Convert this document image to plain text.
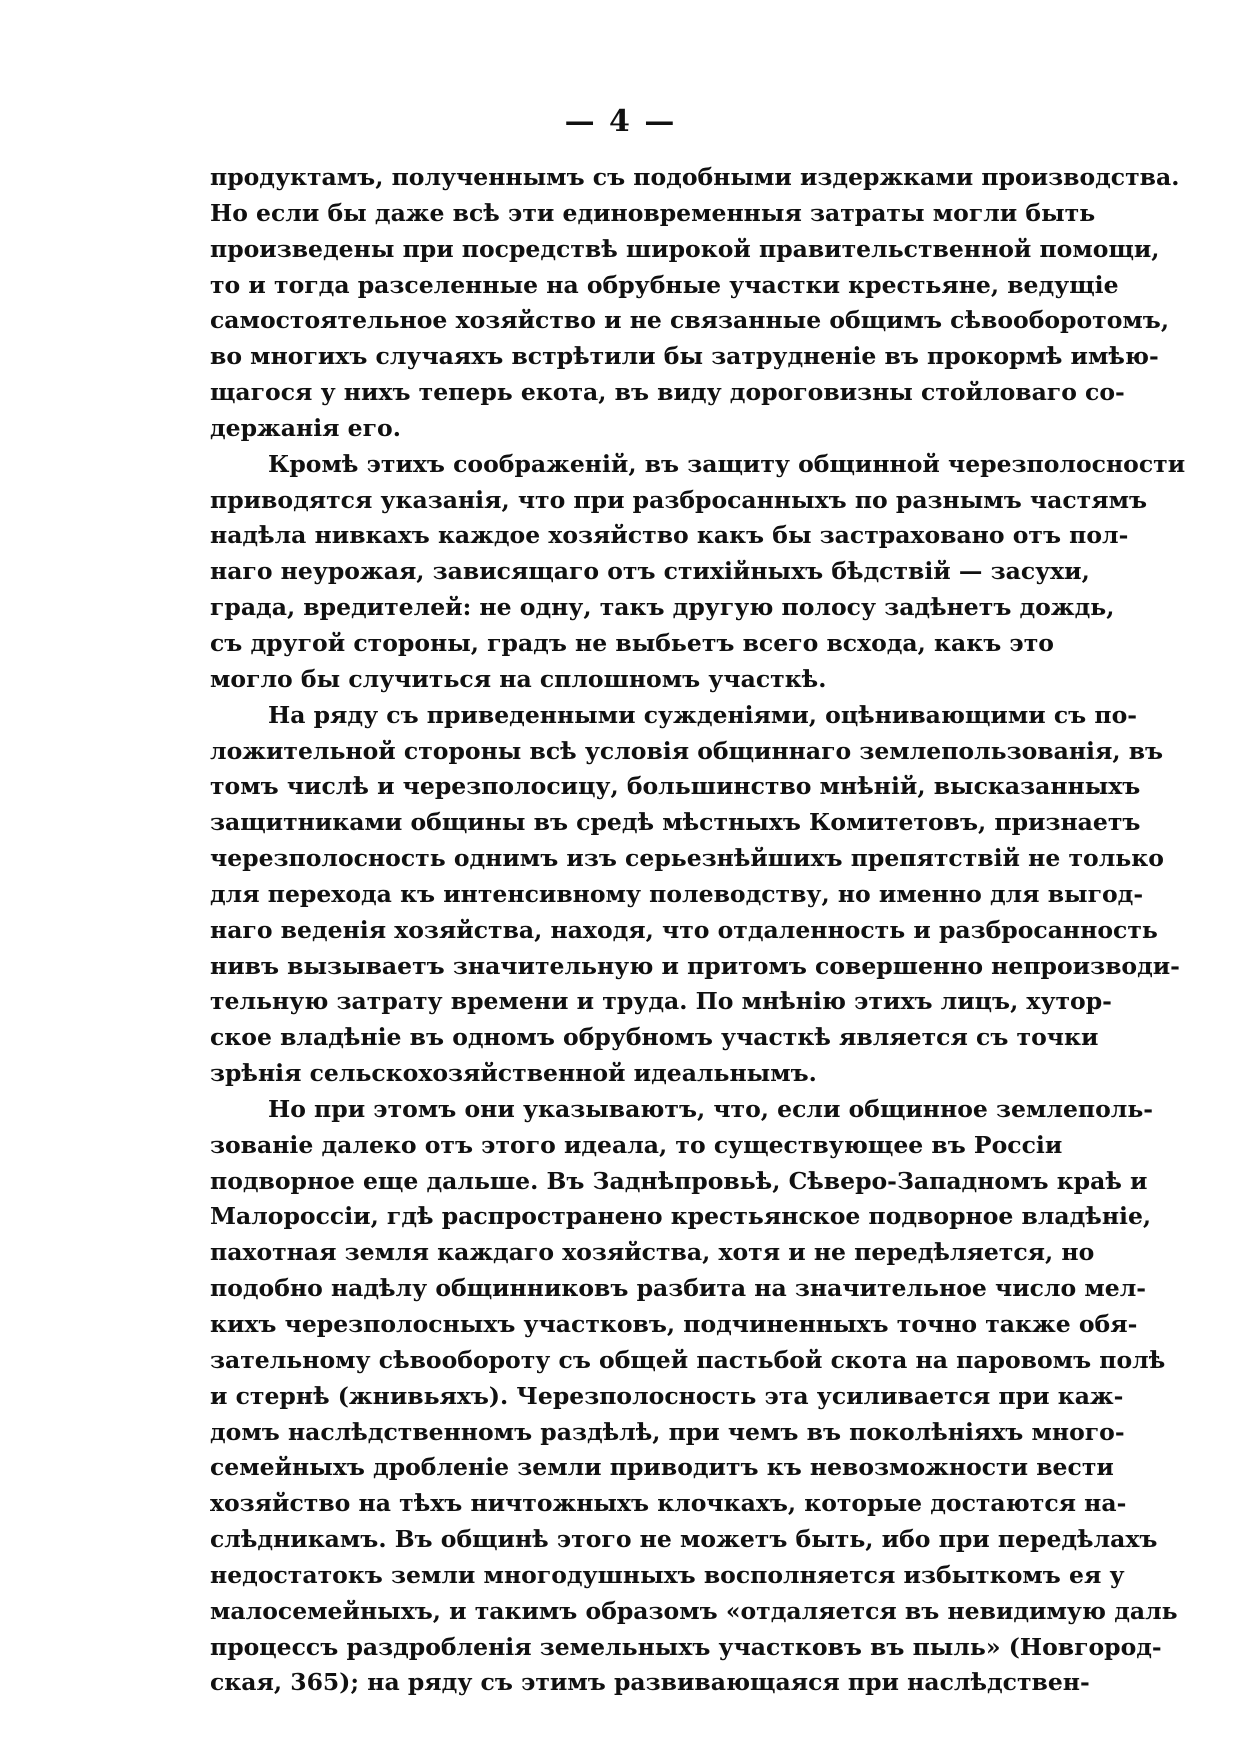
— 4 —
продуктамъ, полученнымъ съ подобными издержками производства.
Но если бы даже всѣ эти единовременныя затраты могли быть
произведены при посредствѣ широкой правительственной помощи,
то и тогда разселенные на обрубные участки крестьяне, ведущіе
самостоятельное хозяйство и не связанные общимъ сѣвооборотомъ,
во многихъ случаяхъ встрѣтили бы затрудненіе въ прокормѣ имѣю-
щагося у нихъ теперь екота, въ виду дороговизны стойловаго со-
держанія его.
Кромѣ этихъ соображеній, въ защиту общинной черезполосности
приводятся указанія, что при разбросанныхъ по разнымъ частямъ
надѣла нивкахъ каждое хозяйство какъ бы застраховано отъ пол-
наго неурожая, зависящаго отъ стихійныхъ бѣдствій — засухи,
града, вредителей: не одну, такъ другую полосу задѣнетъ дождь,
съ другой стороны, градъ не выбьетъ всего всхода, какъ это
могло бы случиться на сплошномъ участкѣ.
На ряду съ приведенными сужденіями, оцѣнивающими съ по-
ложительной стороны всѣ условія общиннаго землепользованія, въ
томъ числѣ и черезполосицу, большинство мнѣній, высказанныхъ
защитниками общины въ средѣ мѣстныхъ Комитетовъ, признаетъ
черезполосность однимъ изъ серьезнѣйшихъ препятствій не только
для перехода къ интенсивному полеводству, но именно для выгод-
наго веденія хозяйства, находя, что отдаленность и разбросанность
нивъ вызываетъ значительную и притомъ совершенно непроизводи-
тельную затрату времени и труда. По мнѣнію этихъ лицъ, хутор-
ское владѣніе въ одномъ обрубномъ участкѣ является съ точки
зрѣнія сельскохозяйственной идеальнымъ.
Но при этомъ они указываютъ, что, если общинное землеполь-
зованіе далеко отъ этого идеала, то существующее въ Россіи
подворное еще дальше. Въ Заднѣпровьѣ, Сѣверо-Западномъ краѣ и
Малороссіи, гдѣ распространено крестьянское подворное владѣніе,
пахотная земля каждаго хозяйства, хотя и не передѣляется, но
подобно надѣлу общинниковъ разбита на значительное число мел-
кихъ черезполосныхъ участковъ, подчиненныхъ точно также обя-
зательному сѣвообороту съ общей пастьбой скота на паровомъ полѣ
и стернѣ (жнивьяхъ). Черезполосность эта усиливается при каж-
домъ наслѣдственномъ раздѣлѣ, при чемъ въ поколѣніяхъ много-
семейныхъ дробленіе земли приводитъ къ невозможности вести
хозяйство на тѣхъ ничтожныхъ клочкахъ, которые достаются на-
слѣдникамъ. Въ общинѣ этого не можетъ быть, ибо при передѣлахъ
недостатокъ земли многодушныхъ восполняется избыткомъ ея у
малосемейныхъ, и такимъ образомъ «отдаляется въ невидимую даль
процессъ раздробленія земельныхъ участковъ въ пыль» (Новгород-
ская, 365); на ряду съ этимъ развивающаяся при наслѣдствен-
